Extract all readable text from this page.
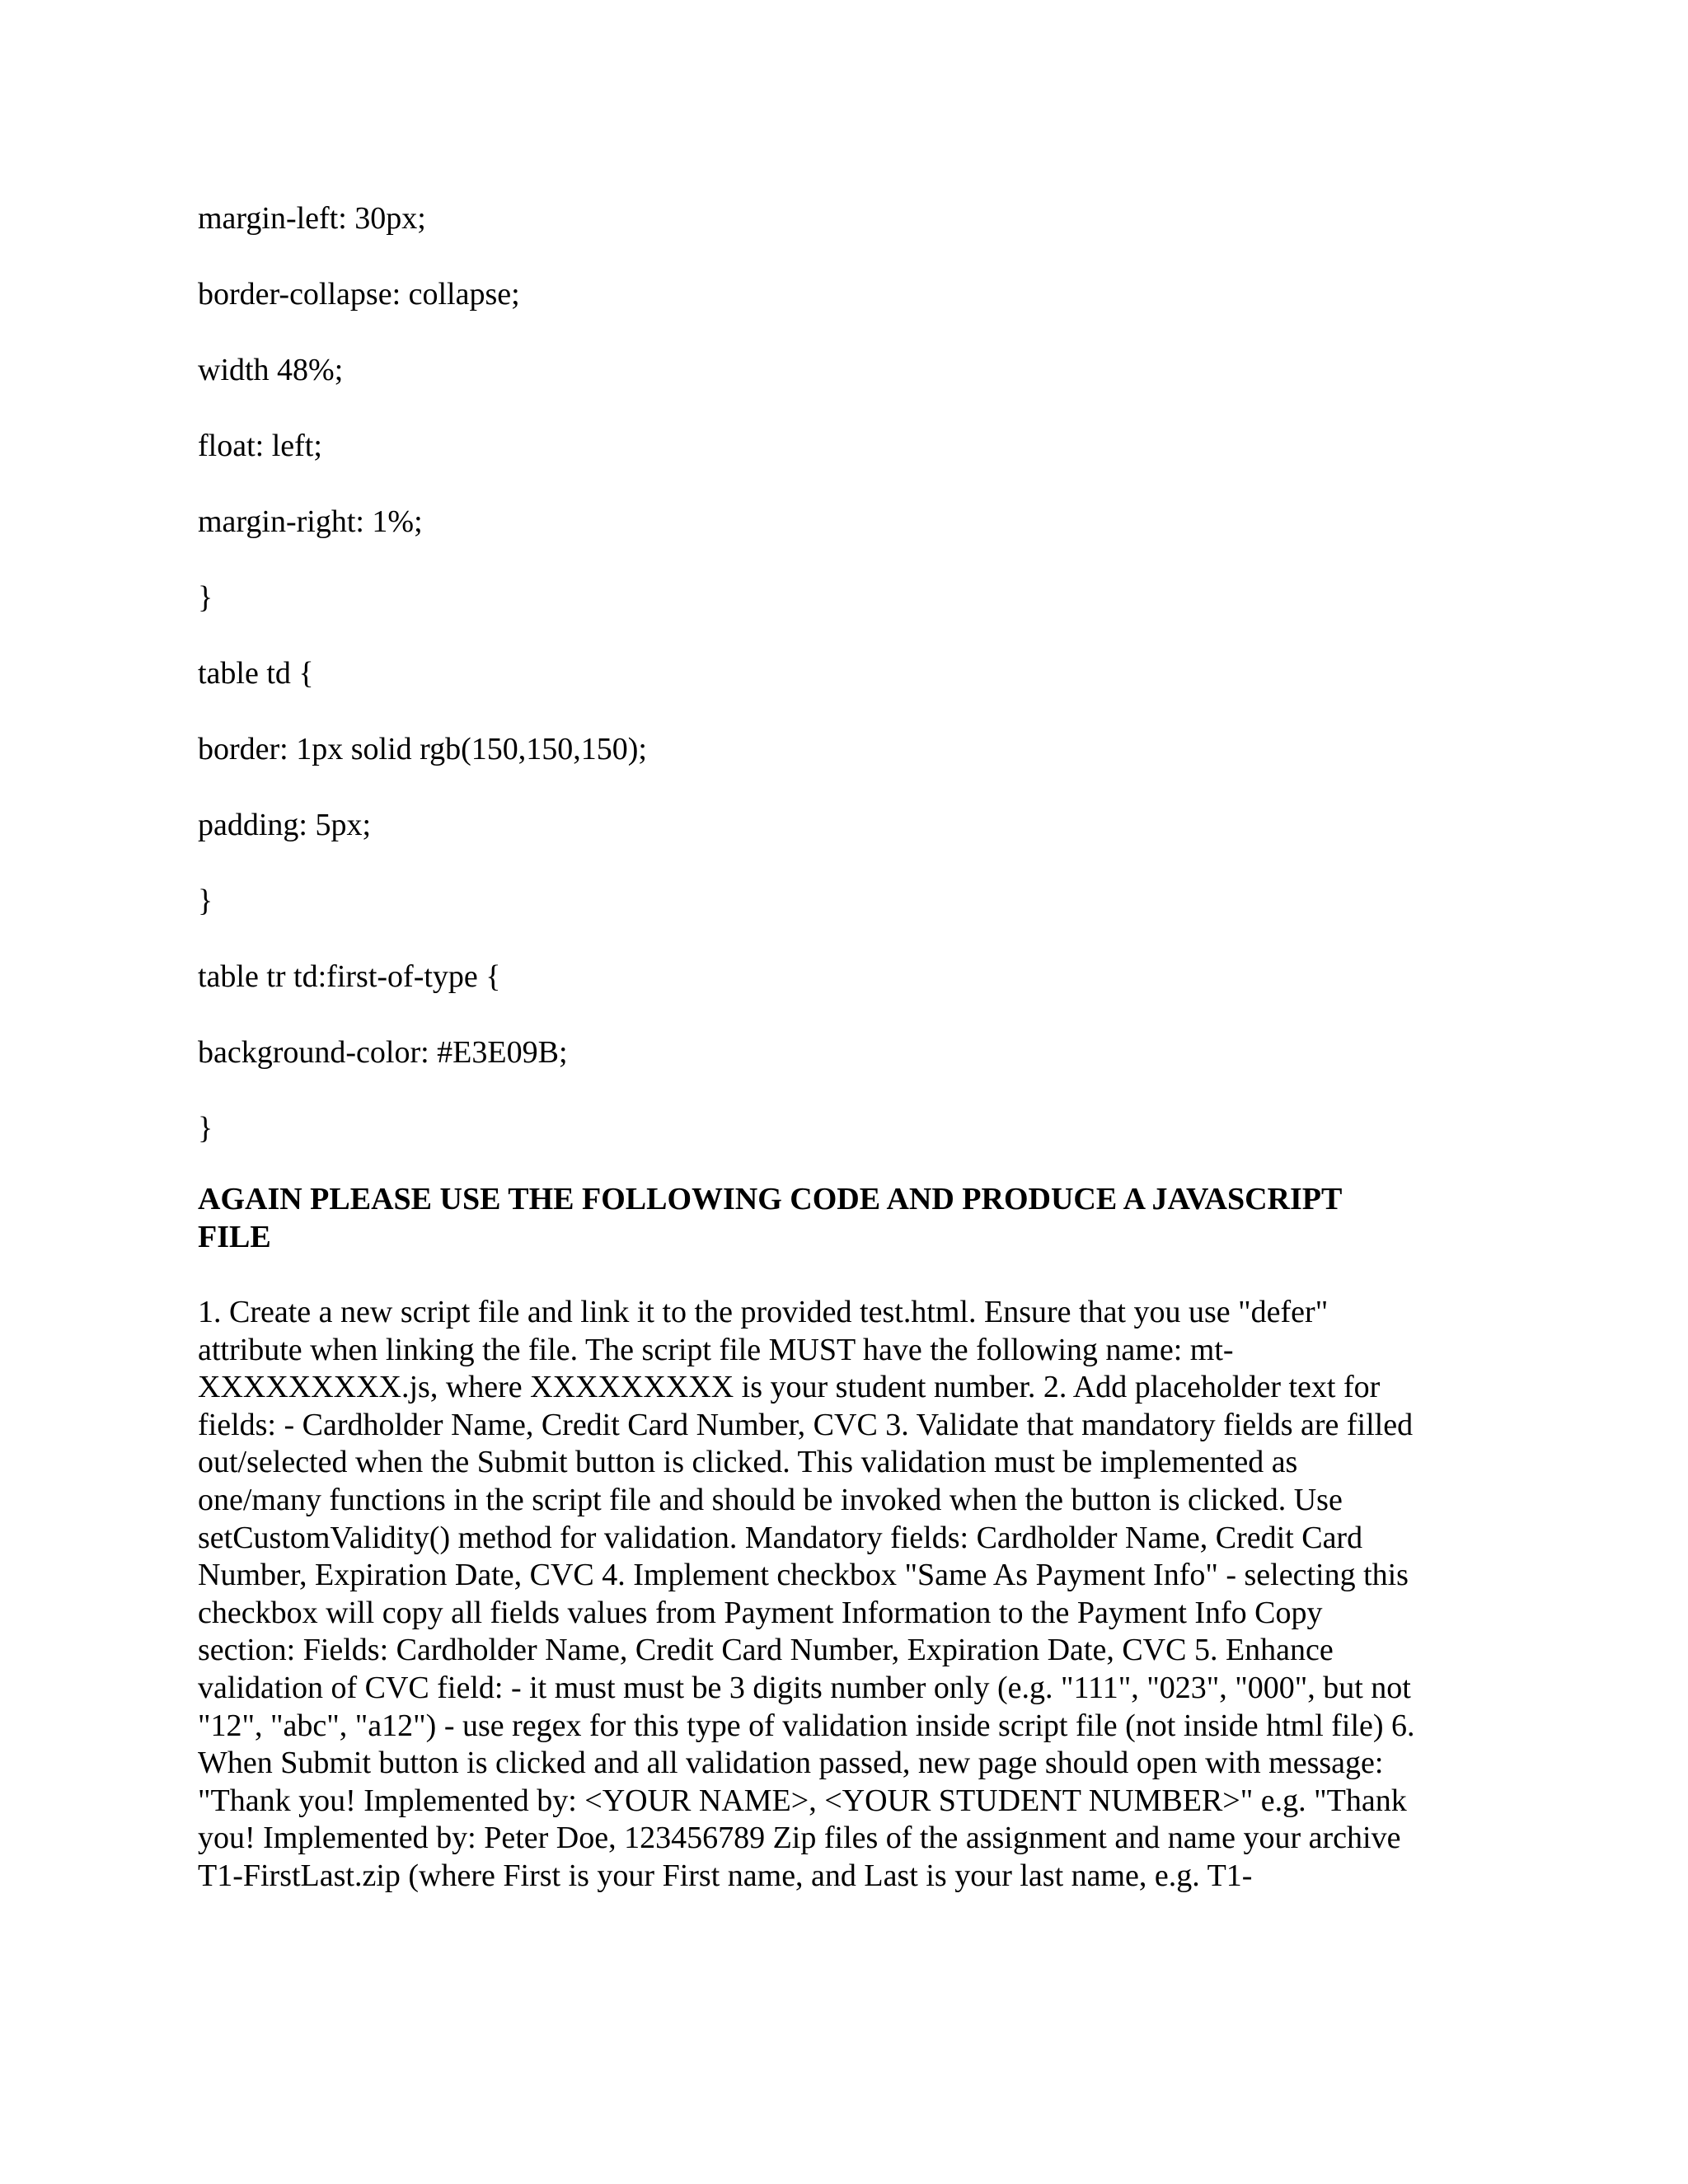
margin-left: 30px;
border-collapse: collapse;
width 48%;
float: left;
margin-right: 1%;
}
table td {
border: 1px solid rgb(150,150,150);
padding: 5px;
}
table tr td:first-of-type {
background-color: #E3E09B;
}
AGAIN PLEASE USE THE FOLLOWING CODE AND PRODUCE A JAVASCRIPT
FILE
1. Create a new script file and link it to the provided test.html. Ensure that you use "defer"
attribute when linking the file. The script file MUST have the following name: mt-
XXXXXXXXX.js, where XXXXXXXXX is your student number. 2. Add placeholder text for
fields: - Cardholder Name, Credit Card Number, CVC 3. Validate that mandatory fields are filled
out/selected when the Submit button is clicked. This validation must be implemented as
one/many functions in the script file and should be invoked when the button is clicked. Use
setCustomValidity() method for validation. Mandatory fields: Cardholder Name, Credit Card
Number, Expiration Date, CVC 4. Implement checkbox "Same As Payment Info" - selecting this
checkbox will copy all fields values from Payment Information to the Payment Info Copy
section: Fields: Cardholder Name, Credit Card Number, Expiration Date, CVC 5. Enhance
validation of CVC field: - it must must be 3 digits number only (e.g. "111", "023", "000", but not
"12", "abc", "a12") - use regex for this type of validation inside script file (not inside html file) 6.
When Submit button is clicked and all validation passed, new page should open with message:
"Thank you! Implemented by: <YOUR NAME>, <YOUR STUDENT NUMBER>" e.g. "Thank
you! Implemented by: Peter Doe, 123456789 Zip files of the assignment and name your archive
T1-FirstLast.zip (where First is your First name, and Last is your last name, e.g. T1-
